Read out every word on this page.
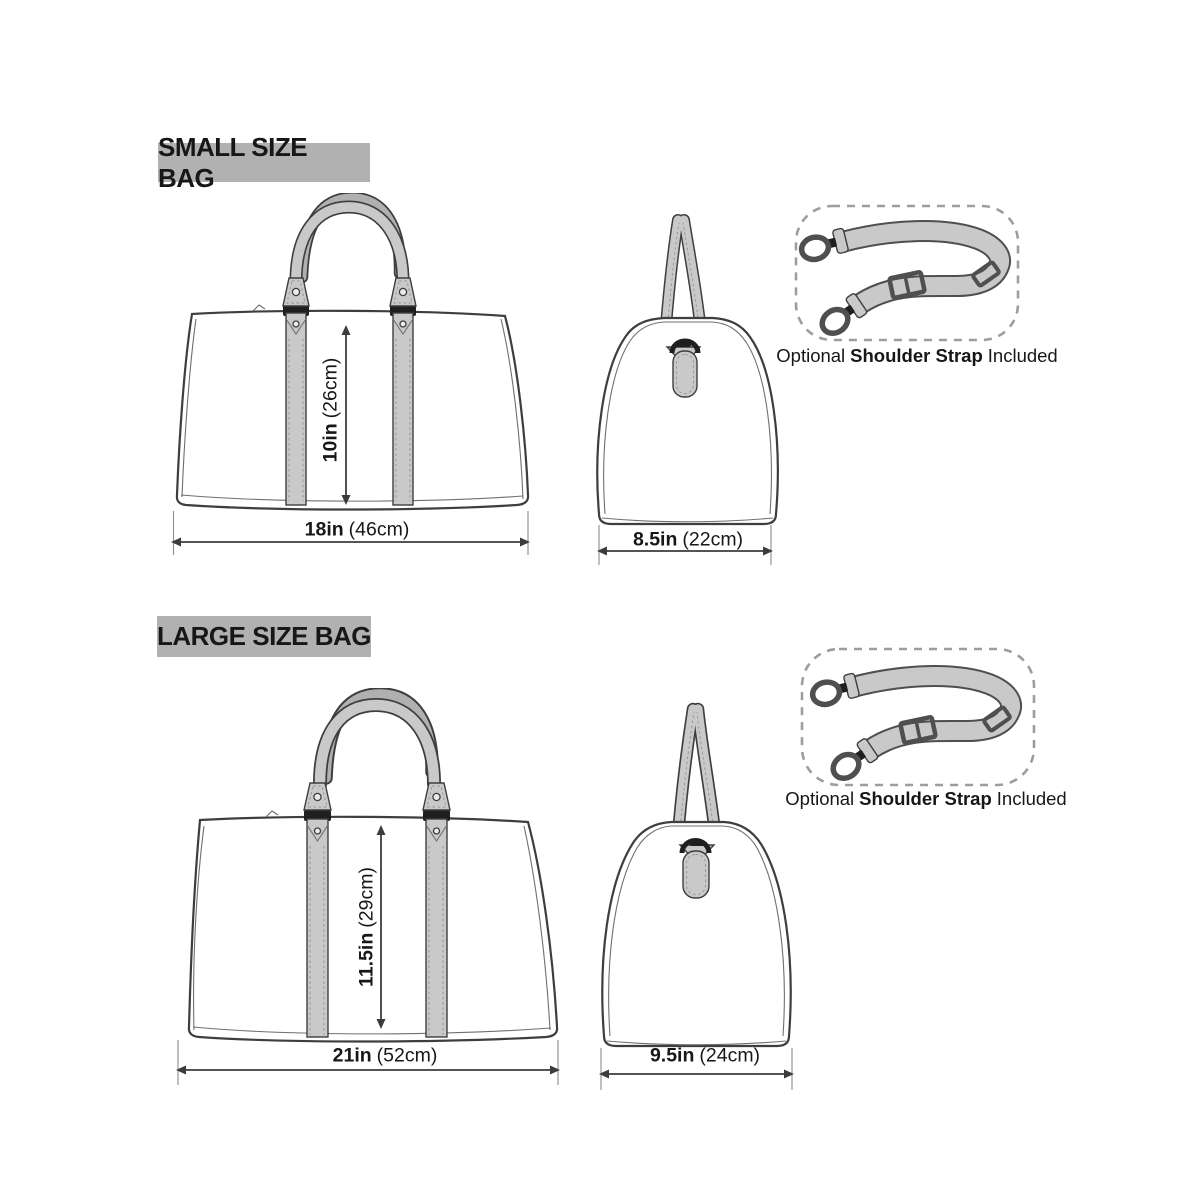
SMALL SIZE BAG
Optional Shoulder Strap Included
10in(26cm)
18in (46cm)	8.5in (22cm)
LARGE SIZE BAG
Optional Shoulder Strap Included
11.5in(29cm)
21in (52cm)	9.5in (24cm)
